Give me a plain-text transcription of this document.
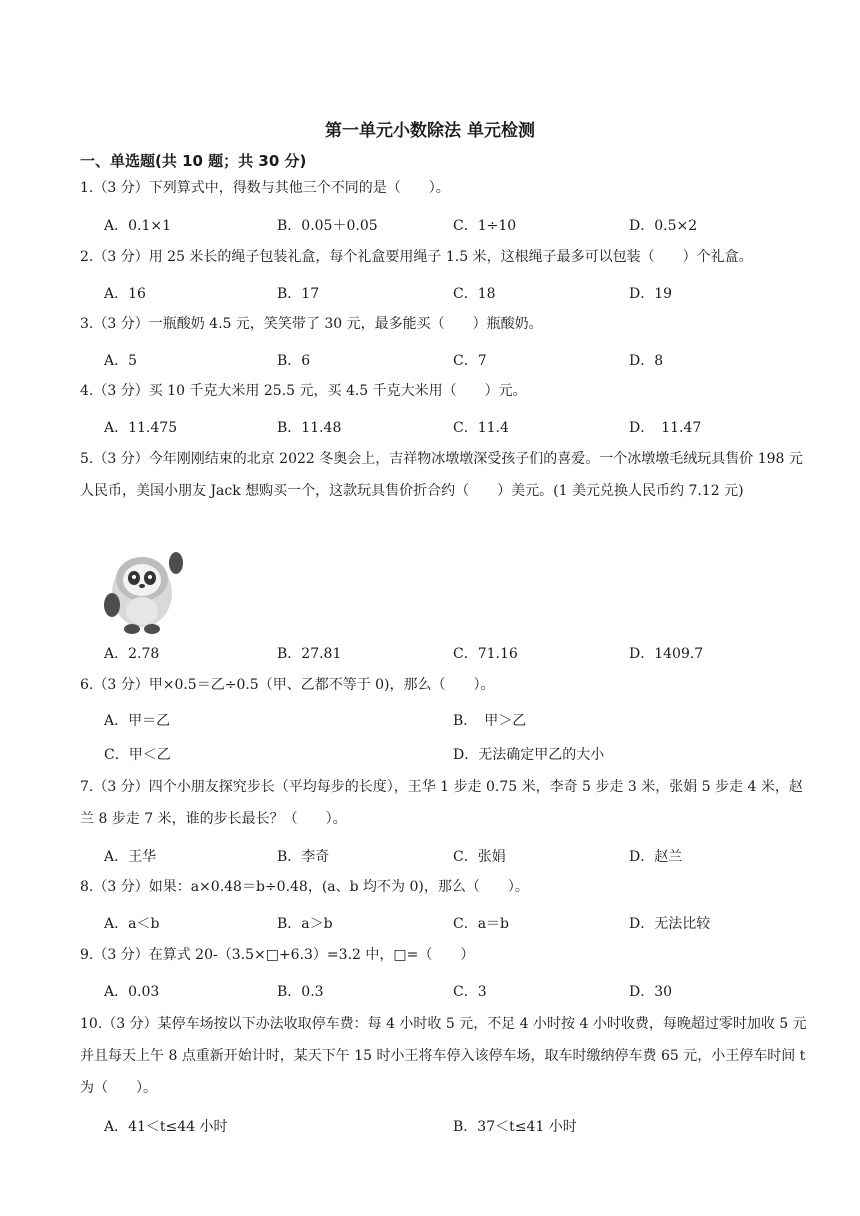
第一单元小数除法 单元检测
一、单选题(共 10 题；共 30 分)
1.（3 分）下列算式中，得数与其他三个不同的是（　　）。
A．0.1×1	B．0.05＋0.05	C．1÷10	D．0.5×2
2.（3 分）用 25 米长的绳子包装礼盒，每个礼盒要用绳子 1.5 米，这根绳子最多可以包装（　　）个礼盒。
A．16	B．17	C．18	D．19
3.（3 分）一瓶酸奶 4.5 元，笑笑带了 30 元，最多能买（　　）瓶酸奶。
A．5	B．6	C．7	D．8
4.（3 分）买 10 千克大米用 25.5 元，买 4.5 千克大米用（　　）元。
A．11.475	B．11.48	C．11.4	D．　11.47
5.（3 分）今年刚刚结束的北京 2022 冬奥会上，吉祥物冰墩墩深受孩子们的喜爱。一个冰墩墩毛绒玩具售价 198 元人民币，美国小朋友 Jack 想购买一个，这款玩具售价折合约（　　）美元。(1 美元兑换人民币约 7.12 元)
A．2.78	B．27.81	C．71.16	D．1409.7
6.（3 分）甲×0.5＝乙÷0.5（甲、乙都不等于 0)，那么（　　）。
A．甲＝乙	B．　甲＞乙
C．甲＜乙	D．无法确定甲乙的大小
7.（3 分）四个小朋友探究步长（平均每步的长度），王华 1 步走 0.75 米，李奇 5 步走 3 米，张娟 5 步走 4 米，赵兰 8 步走 7 米，谁的步长最长？（　　）。
A．王华	B．李奇	C．张娟	D．赵兰
8.（3 分）如果：a×0.48＝b÷0.48，(a、b 均不为 0)，那么（　　）。
A．a＜b	B．a＞b	C．a＝b	D．无法比较
9.（3 分）在算式 20-（3.5×□+6.3）=3.2 中，□=（　　）
A．0.03	B．0.3	C．3	D．30
10.（3 分）某停车场按以下办法收取停车费：每 4 小时收 5 元，不足 4 小时按 4 小时收费，每晚超过零时加收 5 元并且每天上午 8 点重新开始计时，某天下午 15 时小王将车停入该停车场，取车时缴纳停车费 65 元，小王停车时间 t 为（　　）。
A．41＜t≤44 小时	B．37＜t≤41 小时
